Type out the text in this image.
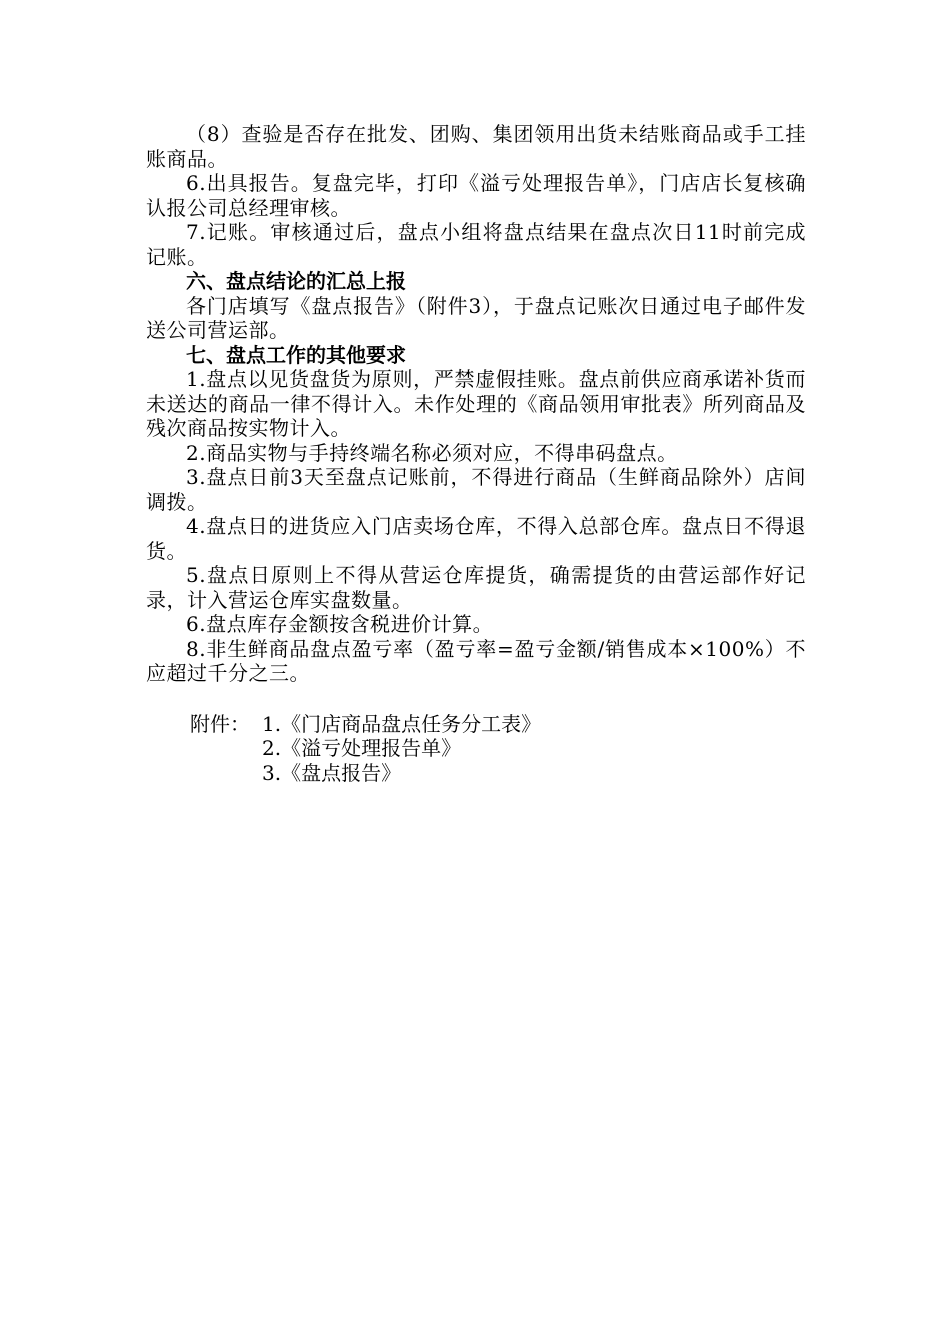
（8）查验是否存在批发、团购、集团领用出货未结账商品或手工挂账商品。

6.出具报告。复盘完毕，打印《溢亏处理报告单》，门店店长复核确认报公司总经理审核。

7.记账。审核通过后，盘点小组将盘点结果在盘点次日11时前完成记账。

六、盘点结论的汇总上报

各门店填写《盘点报告》（附件3），于盘点记账次日通过电子邮件发送公司营运部。

七、盘点工作的其他要求

1.盘点以见货盘货为原则，严禁虚假挂账。盘点前供应商承诺补货而未送达的商品一律不得计入。未作处理的《商品领用审批表》所列商品及残次商品按实物计入。

2.商品实物与手持终端名称必须对应，不得串码盘点。

3.盘点日前3天至盘点记账前，不得进行商品（生鲜商品除外）店间调拨。

4.盘点日的进货应入门店卖场仓库，不得入总部仓库。盘点日不得退货。

5.盘点日原则上不得从营运仓库提货，确需提货的由营运部作好记录，计入营运仓库实盘数量。

6.盘点库存金额按含税进价计算。

8.非生鲜商品盘点盈亏率（盈亏率=盈亏金额/销售成本×100%）不应超过千分之三。

附件： 1.《门店商品盘点任务分工表》
2.《溢亏处理报告单》
3.《盘点报告》
